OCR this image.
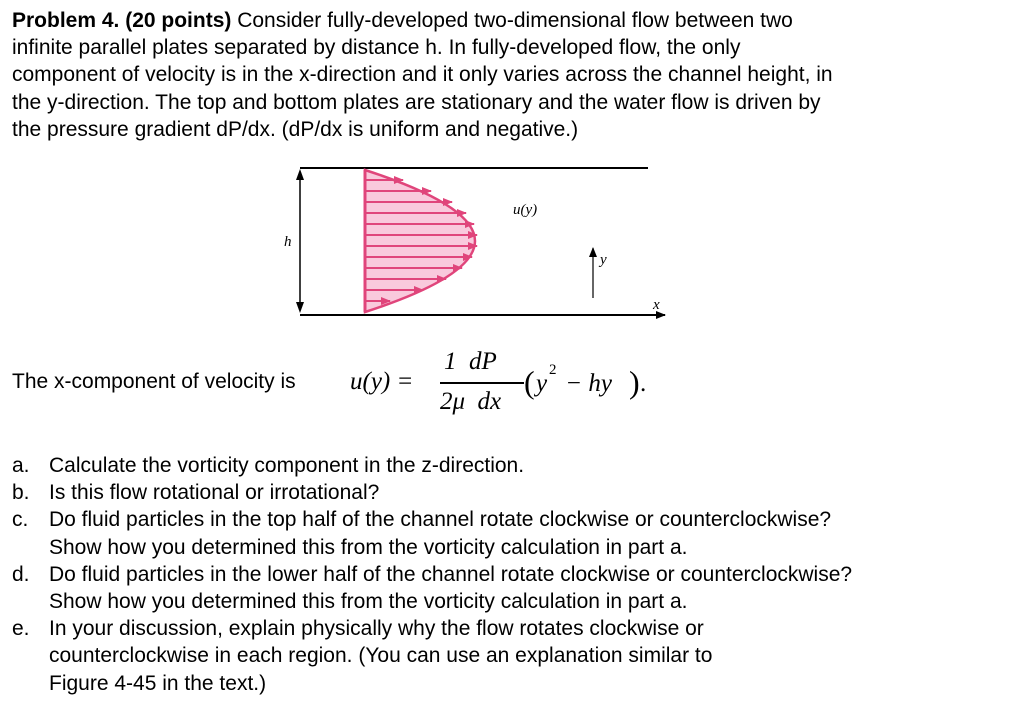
Problem 4. (20 points) Consider fully-developed two-dimensional flow between two
infinite parallel plates separated by distance h. In fully-developed flow, the only
component of velocity is in the x-direction and it only varies across the channel height, in
the y-direction. The top and bottom plates are stationary and the water flow is driven by
the pressure gradient dP/dx. (dP/dx is uniform and negative.)

u(y)
h
y
x
The x-component of velocity is u(y) =
1  dP
2μ  dx
( y 2 − hy ) .
a. Calculate the vorticity component in the z-direction.
b. Is this flow rotational or irrotational?
c. Do fluid particles in the top half of the channel rotate clockwise or counterclockwise?
Show how you determined this from the vorticity calculation in part a.
d. Do fluid particles in the lower half of the channel rotate clockwise or counterclockwise?
Show how you determined this from the vorticity calculation in part a.
e. In your discussion, explain physically why the flow rotates clockwise or
counterclockwise in each region. (You can use an explanation similar to

Figure 4-45 in the text.)
